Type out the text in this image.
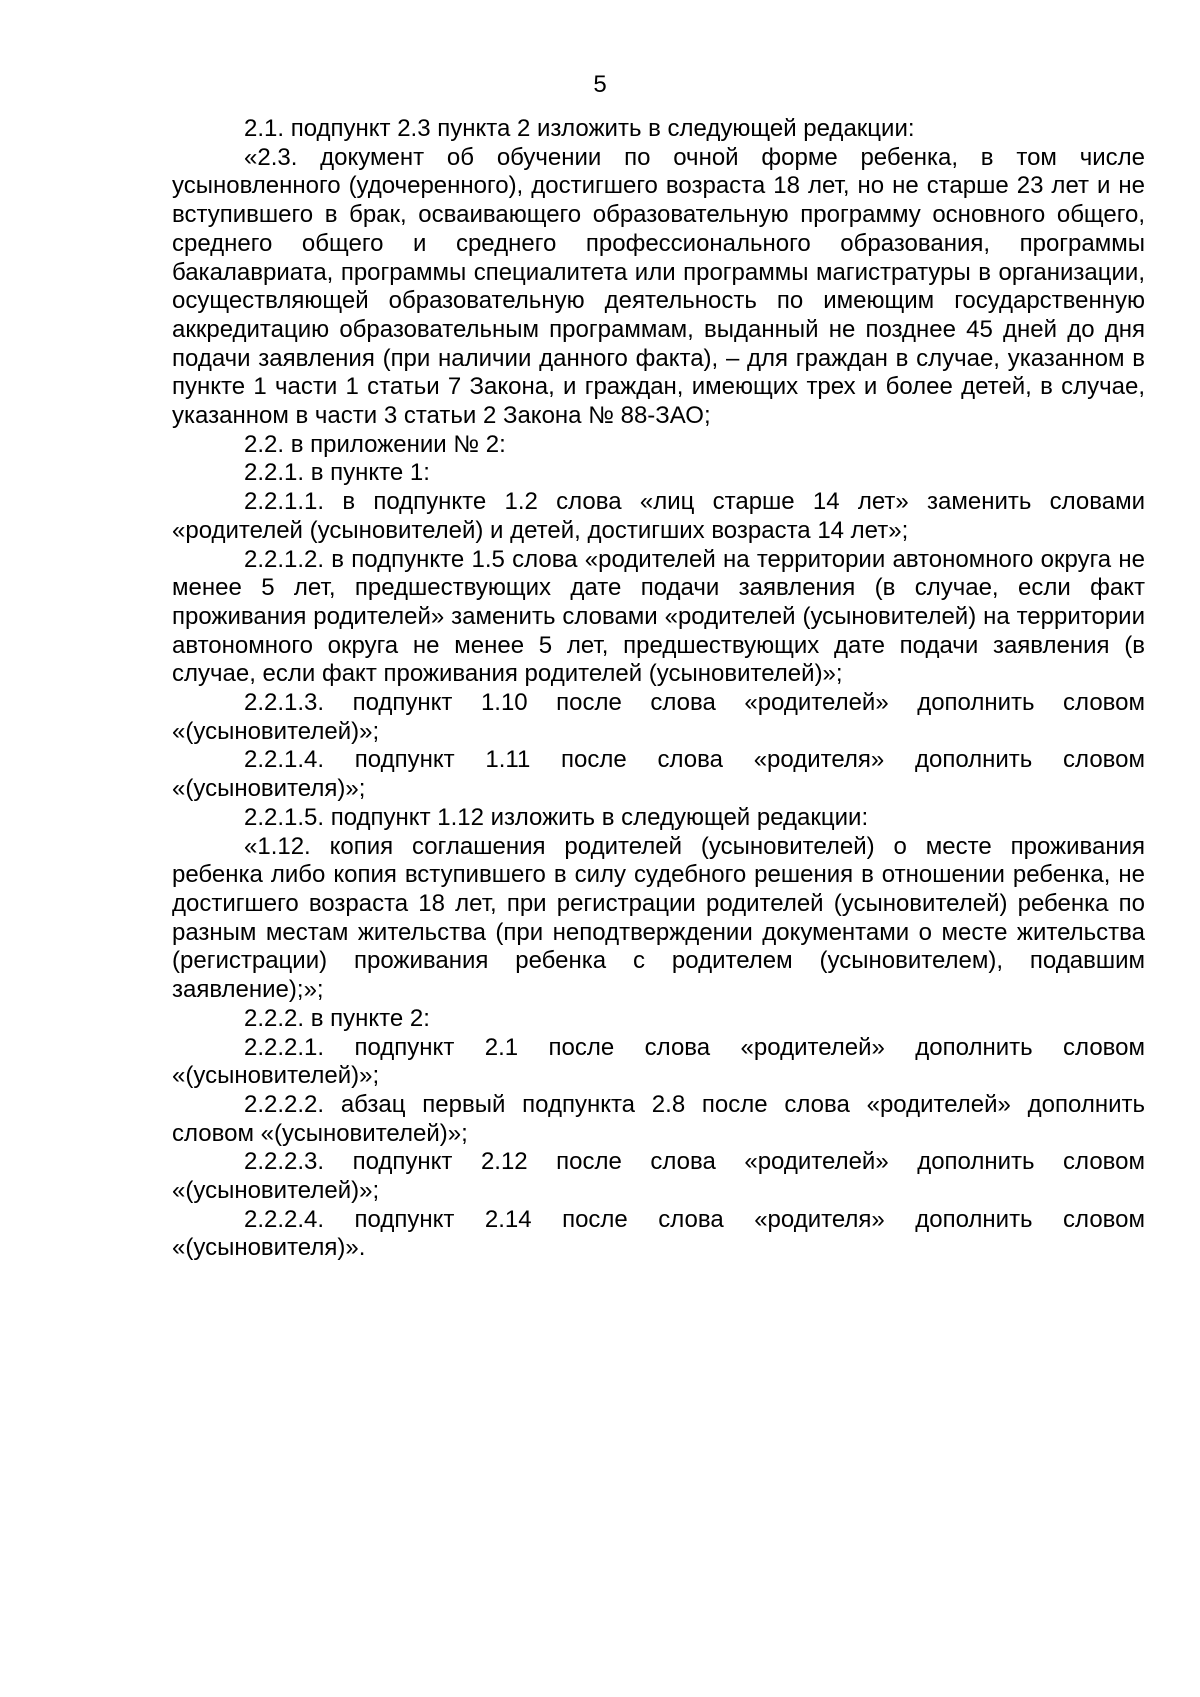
5

2.1. подпункт 2.3 пункта 2 изложить в следующей редакции:

«2.3. документ об обучении по очной форме ребенка, в том числе усыновленного (удочеренного), достигшего возраста 18 лет, но не старше 23 лет и не вступившего в брак, осваивающего образовательную программу основного общего, среднего общего и среднего профессионального образования, программы бакалавриата, программы специалитета или программы магистратуры в организации, осуществляющей образовательную деятельность по имеющим государственную аккредитацию образовательным программам, выданный не позднее 45 дней до дня подачи заявления (при наличии данного факта), – для граждан в случае, указанном в пункте 1 части 1 статьи 7 Закона, и граждан, имеющих трех и более детей, в случае, указанном в части 3 статьи 2 Закона № 88-ЗАО;

2.2. в приложении № 2:

2.2.1. в пункте 1:

2.2.1.1. в подпункте 1.2 слова «лиц старше 14 лет» заменить словами «родителей (усыновителей) и детей, достигших возраста 14 лет»;

2.2.1.2. в подпункте 1.5 слова «родителей на территории автономного округа не менее 5 лет, предшествующих дате подачи заявления (в случае, если факт проживания родителей» заменить словами «родителей (усыновителей) на территории автономного округа не менее 5 лет, предшествующих дате подачи заявления (в случае, если факт проживания родителей (усыновителей)»;

2.2.1.3. подпункт 1.10 после слова «родителей» дополнить словом «(усыновителей)»;

2.2.1.4. подпункт 1.11 после слова «родителя» дополнить словом «(усыновителя)»;

2.2.1.5. подпункт 1.12 изложить в следующей редакции:

«1.12. копия соглашения родителей (усыновителей) о месте проживания ребенка либо копия вступившего в силу судебного решения в отношении ребенка, не достигшего возраста 18 лет, при регистрации родителей (усыновителей) ребенка по разным местам жительства (при неподтверждении документами о месте жительства (регистрации) проживания ребенка с родителем (усыновителем), подавшим заявление);»;

2.2.2. в пункте 2:

2.2.2.1. подпункт 2.1 после слова «родителей» дополнить словом «(усыновителей)»;

2.2.2.2. абзац первый подпункта 2.8 после слова «родителей» дополнить словом «(усыновителей)»;

2.2.2.3. подпункт 2.12 после слова «родителей» дополнить словом «(усыновителей)»;

2.2.2.4. подпункт 2.14 после слова «родителя» дополнить словом «(усыновителя)».
